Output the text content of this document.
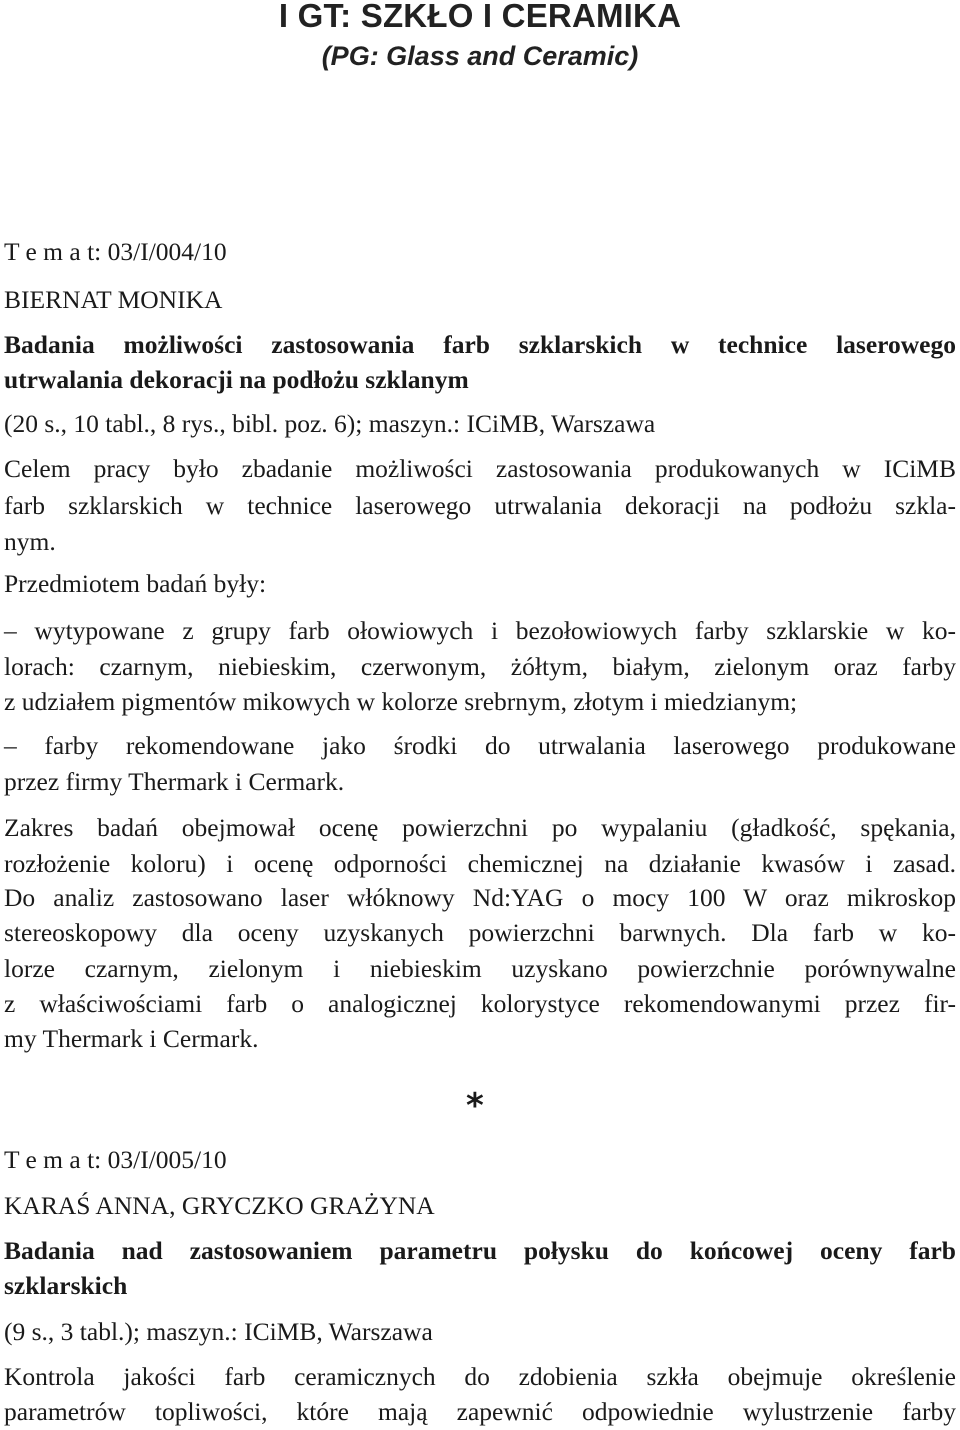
I GT: SZKŁO I CERAMIKA
(PG: Glass and Ceramic)
T e m a t: 03/I/004/10
BIERNAT MONIKA
Badania możliwości zastosowania farb szklarskich w technice laserowego
utrwalania dekoracji na podłożu szklanym
(20 s., 10 tabl., 8 rys., bibl. poz. 6); maszyn.: ICiMB, Warszawa
Celem pracy było zbadanie możliwości zastosowania produkowanych w ICiMB
farb szklarskich w technice laserowego utrwalania dekoracji na podłożu szkla-
nym.
Przedmiotem badań były:
– wytypowane z grupy farb ołowiowych i bezołowiowych farby szklarskie w ko-
lorach: czarnym, niebieskim, czerwonym, żółtym, białym, zielonym oraz farby
z udziałem pigmentów mikowych w kolorze srebrnym, złotym i miedzianym;
– farby rekomendowane jako środki do utrwalania laserowego produkowane
przez firmy Thermark i Cermark.
Zakres badań obejmował ocenę powierzchni po wypalaniu (gładkość, spękania,
rozłożenie koloru) i ocenę odporności chemicznej na działanie kwasów i zasad.
Do analiz zastosowano laser włóknowy Nd:YAG o mocy 100 W oraz mikroskop
stereoskopowy dla oceny uzyskanych powierzchni barwnych. Dla farb w ko-
lorze czarnym, zielonym i niebieskim uzyskano powierzchnie porównywalne
z właściwościami farb o analogicznej kolorystyce rekomendowanymi przez fir-
my Thermark i Cermark.
*
T e m a t: 03/I/005/10
KARAŚ ANNA, GRYCZKO GRAŻYNA
Badania nad zastosowaniem parametru połysku do końcowej oceny farb
szklarskich
(9 s., 3 tabl.); maszyn.: ICiMB, Warszawa
Kontrola jakości farb ceramicznych do zdobienia szkła obejmuje określenie
parametrów topliwości, które mają zapewnić odpowiednie wylustrzenie farby
